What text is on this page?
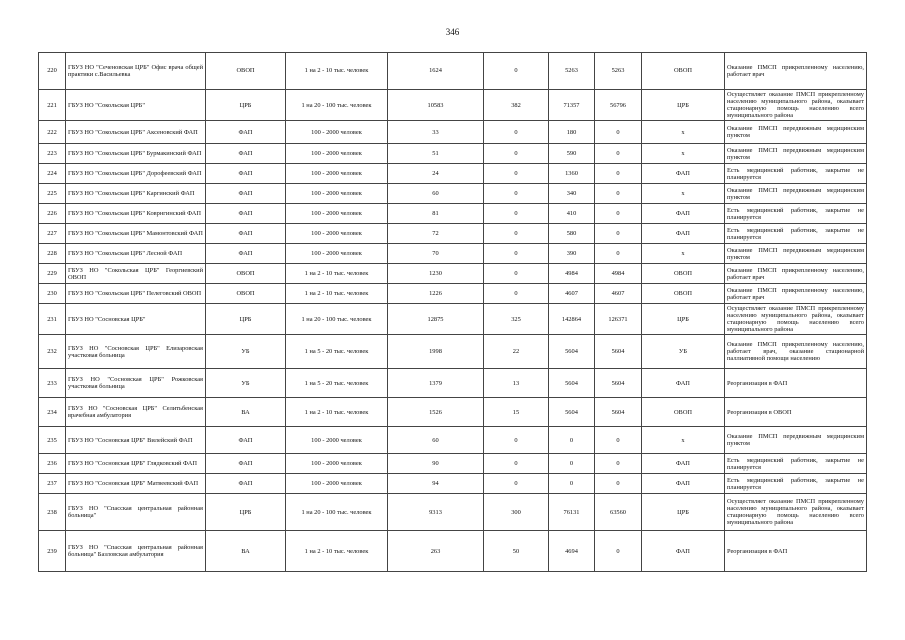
346
220	ГБУЗ НО "Сеченовская ЦРБ" Офис врача общей практики с.Васильевка	ОВОП	1 на 2 - 10 тыс. человек	1624	0	5263	5263	ОВОП	Оказание ПМСП прикрепленному населению, работает врач
221	ГБУЗ НО "Сокольская ЦРБ"	ЦРБ	1 на 20 - 100 тыс. человек	10583	382	71357	56796	ЦРБ	Осуществляет оказание ПМСП прикрепленному населению муниципального района, оказывает стационарную помощь населению всего муниципального района
222	ГБУЗ НО "Сокольская ЦРБ" Аксеновский ФАП	ФАП	100 - 2000 человек	33	0	180	0	х	Оказание ПМСП передвижным медицинским пунктом
223	ГБУЗ НО "Сокольская ЦРБ" Бурмакинский ФАП	ФАП	100 - 2000 человек	51	0	590	0	х	Оказание ПМСП передвижным медицинским пунктом
224	ГБУЗ НО "Сокольская ЦРБ" Дорофеевский ФАП	ФАП	100 - 2000 человек	24	0	1360	0	ФАП	Есть медицинский работник, закрытие не планируется
225	ГБУЗ НО "Сокольская ЦРБ" Каргинский ФАП	ФАП	100 - 2000 человек	60	0	340	0	х	Оказание ПМСП передвижным медицинским пунктом
226	ГБУЗ НО "Сокольская ЦРБ" Коврнгинский ФАП	ФАП	100 - 2000 человек	81	0	410	0	ФАП	Есть медицинский работник, закрытие не планируется
227	ГБУЗ НО "Сокольская ЦРБ" Мамонтовский ФАП	ФАП	100 - 2000 человек	72	0	580	0	ФАП	Есть медицинский работник, закрытие не планируется
228	ГБУЗ НО "Сокольская ЦРБ" Лесной ФАП	ФАП	100 - 2000 человек	70	0	390	0	х	Оказание ПМСП передвижным медицинским пунктом
229	ГБУЗ НО "Сокольская ЦРБ" Георгиевский ОВОП	ОВОП	1 на 2 - 10 тыс. человек	1230	0	4984	4984	ОВОП	Оказание ПМСП прикрепленному населению, работает врач
230	ГБУЗ НО "Сокольская ЦРБ" Пелеговский ОВОП	ОВОП	1 на 2 - 10 тыс. человек	1226	0	4607	4607	ОВОП	Оказание ПМСП прикрепленному населению, работает врач
231	ГБУЗ НО "Сосновская ЦРБ"	ЦРБ	1 на 20 - 100 тыс. человек	12875	325	142864	126371	ЦРБ	Осуществляет оказание ПМСП прикрепленному населению муниципального района, оказывает стационарную помощь населению всего муниципального района
232	ГБУЗ НО "Сосновская ЦРБ" Елизаровская участковая больница	УБ	1 на 5 - 20 тыс. человек	1998	22	5604	5604	УБ	Оказание ПМСП прикрепленному населению, работает врач, оказание стационарной паллиативной помощи населению
233	ГБУЗ НО "Сосновская ЦРБ" Рожковская участковая больница	УБ	1 на 5 - 20 тыс. человек	1379	13	5604	5604	ФАП	Реорганизация в ФАП
234	ГБУЗ НО "Сосновская ЦРБ" Селитьбенская врачебная амбулатория	ВА	1 на 2 - 10 тыс. человек	1526	15	5604	5604	ОВОП	Реорганизация в ОВОП
235	ГБУЗ НО "Сосновская ЦРБ" Вилейский ФАП	ФАП	100 - 2000 человек	60	0	0	0	х	Оказание ПМСП передвижным медицинским пунктом
236	ГБУЗ НО "Сосновская ЦРБ" Глядковский ФАП	ФАП	100 - 2000 человек	90	0	0	0	ФАП	Есть медицинский работник, закрытие не планируется
237	ГБУЗ НО "Сосновская ЦРБ" Матвеевский ФАП	ФАП	100 - 2000 человек	94	0	0	0	ФАП	Есть медицинский работник, закрытие не планируется
238	ГБУЗ НО "Спасская центральная районная больница"	ЦРБ	1 на 20 - 100 тыс. человек	9313	300	76131	63560	ЦРБ	Осуществляет оказание ПМСП прикрепленному населению муниципального района, оказывает стационарную помощь населению всего муниципального района
239	ГБУЗ НО "Спасская центральная районная больница" Базловская амбулатория	ВА	1 на 2 - 10 тыс. человек	263	50	4694	0	ФАП	Реорганизация в ФАП
